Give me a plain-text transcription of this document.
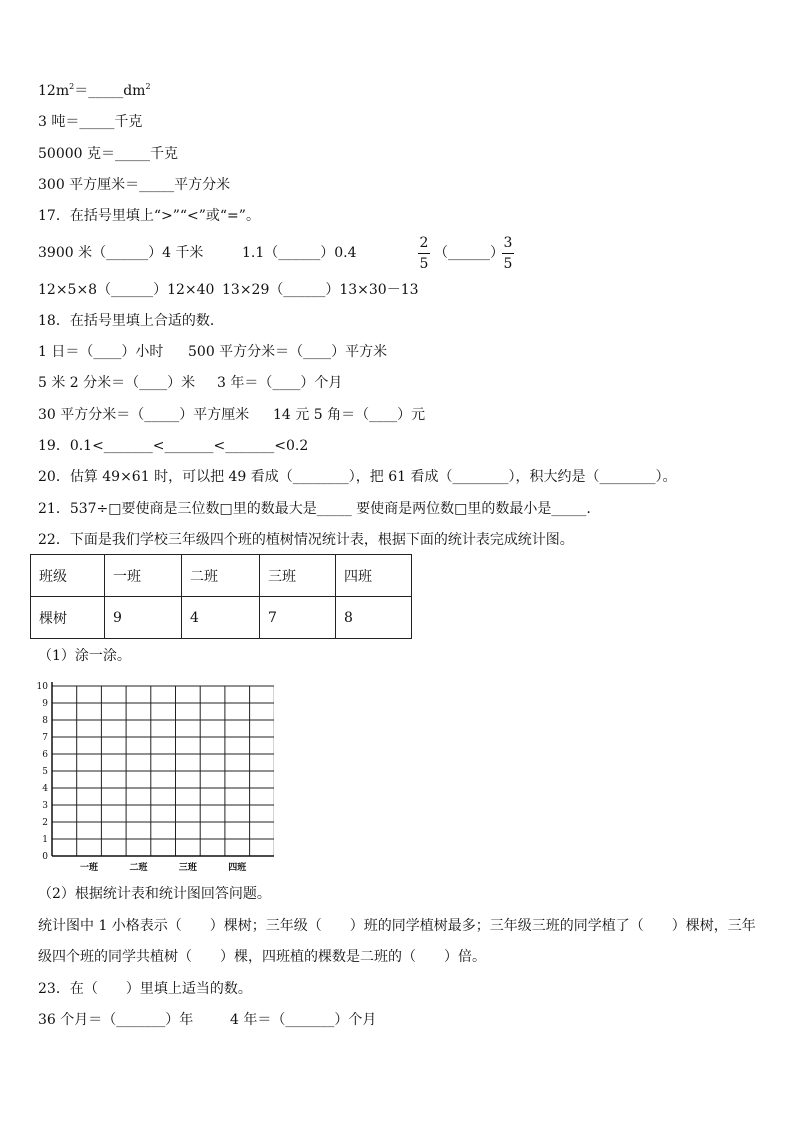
$12m^2=\_\_\_\_\_dm^2$
3 吨＝_____千克
50000 克＝_____千克
300 平方厘米＝_____平方分米
17．在括号里填上“>”“<”或“=”。
3900 米（______）4 千米	1.1（______）0.4
2
5
（______）
3
5
12×5×8（______）12×40 13×29（______）13×30－13
18．在括号里填上合适的数．
1 日＝（____）小时 500 平方分米＝（____）平方米
5 米 2 分米＝（____）米 3 年＝（____）个月
30 平方分米＝（_____）平方厘米 14 元 5 角＝（____）元
19．0.1<_______<_______<_______<0.2
20．估算 49×61 时，可以把 49 看成（________），把 61 看成（________），积大约是（________）。
21．537÷□要使商是三位数□里的数最大是_____ 要使商是两位数□里的数最小是_____.
22．下面是我们学校三年级四个班的植树情况统计表，根据下面的统计表完成统计图。
班级	一班	二班	三班	四班
棵树	9	4	7	8
（1）涂一涂。
0
1
2
3
4
5
6
7
8
9
10
一班	二班	三班	四班
（2）根据统计表和统计图回答问题。
统计图中 1 小格表示（　　）棵树；三年级（　　）班的同学植树最多；三年级三班的同学植了（　　）棵树，三年
级四个班的同学共植树（　　）棵，四班植的棵数是二班的（　　）倍。
23．在（　　）里填上适当的数。
36 个月＝（_______）年	4 年＝（_______）个月
